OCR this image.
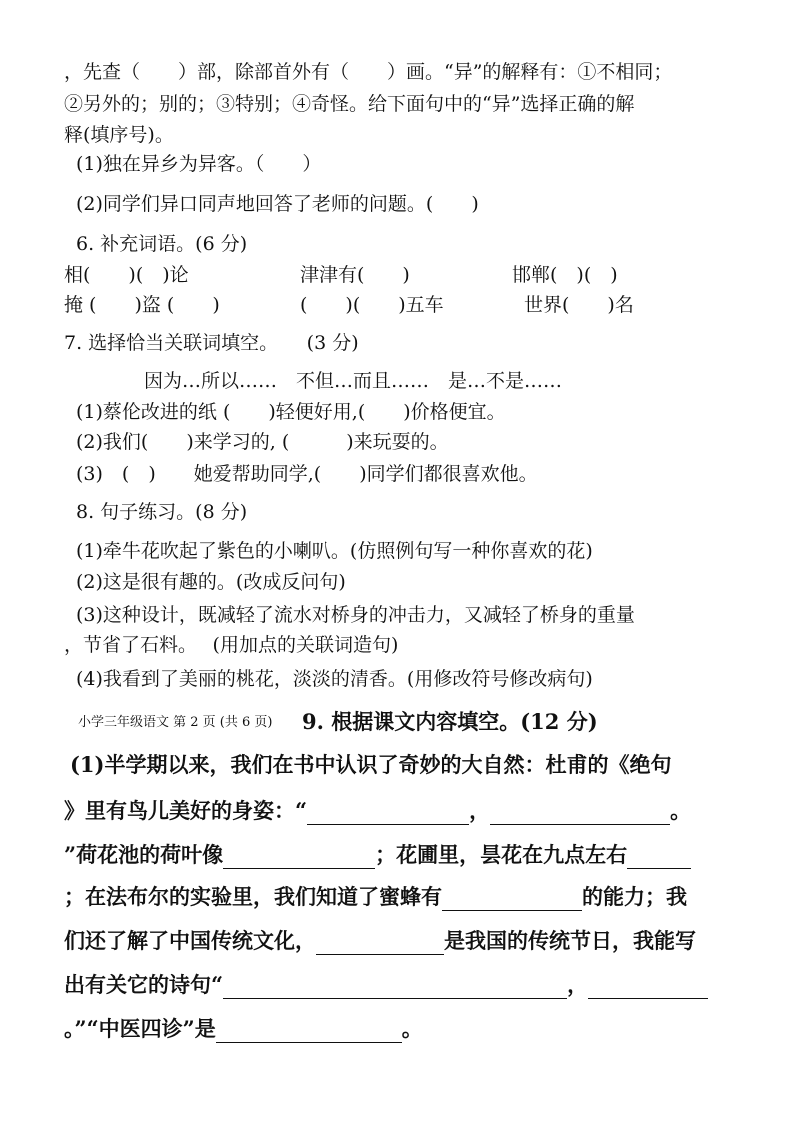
，先查（　　）部，除部首外有（　　）画。“异”的解释有：①不相同；
②另外的；别的；③特别；④奇怪。给下面句中的“异”选择正确的解
释(填序号)。
(1)独在异乡为异客。（　　）
(2)同学们异口同声地回答了老师的问题。(　　)
6. 补充词语。(6 分)
相(　　)(　)论	津津有(　　)	邯郸(　)(　)
掩 (　　)盗 (　　)	(　　)(　　)五车	世界(　　)名
7. 选择恰当关联词填空。　　(3 分)
因为…所以……　不但…而且……　是…不是……
(1)蔡伦改进的纸 (　　)轻便好用,(　　)价格便宜。
(2)我们(　　)来学习的, (　　　)来玩耍的。
(3)　(　)　　她爱帮助同学,(　　)同学们都很喜欢他。
8. 句子练习。(8 分)
(1)牵牛花吹起了紫色的小喇叭。(仿照例句写一种你喜欢的花)
(2)这是很有趣的。(改成反问句)
(3)这种设计，既减轻了流水对桥身的冲击力，又减轻了桥身的重量
，节省了石料。　 (用加点的关联词造句)
(4)我看到了美丽的桃花，淡淡的清香。(用修改符号修改病句)
小学三年级语文 第 2 页 (共 6 页) 9. 根据课文内容填空。(12 分)
(1)半学期以来，我们在书中认识了奇妙的大自然：杜甫的《绝句
》里有鸟儿美好的身姿：“	，	。
”荷花池的荷叶像	；花圃里，昙花在九点左右
；在法布尔的实验里，我们知道了蜜蜂有	的能力；我
们还了解了中国传统文化，	是我国的传统节日，我能写
出有关它的诗句“	，
。”“中医四诊”是	。
